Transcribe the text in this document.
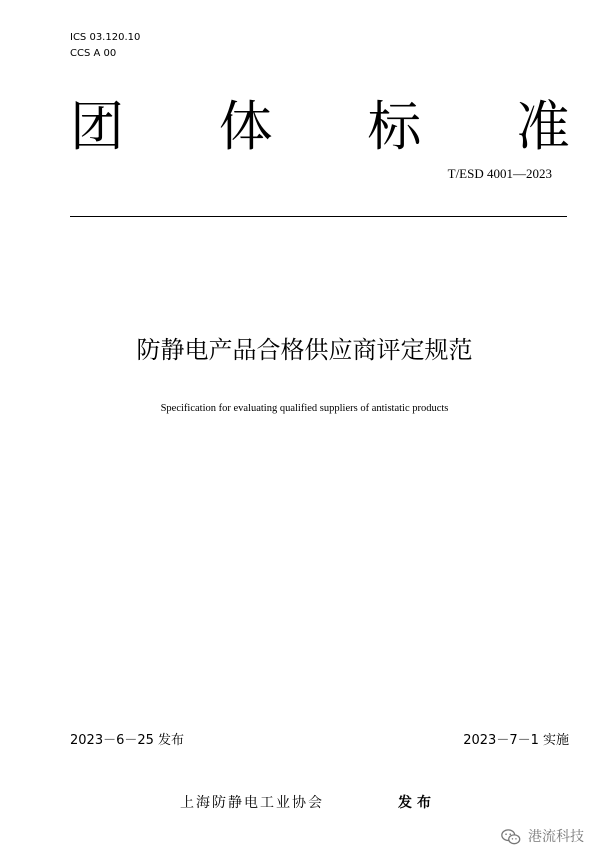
ICS 03.120.10
CCS A 00
团 体 标 准
T/ESD 4001—2023
防静电产品合格供应商评定规范
Specification for evaluating qualified suppliers of antistatic products
2023－6－25 发布	2023－7－1 实施
上海防静电工业协会	发布
港流科技
